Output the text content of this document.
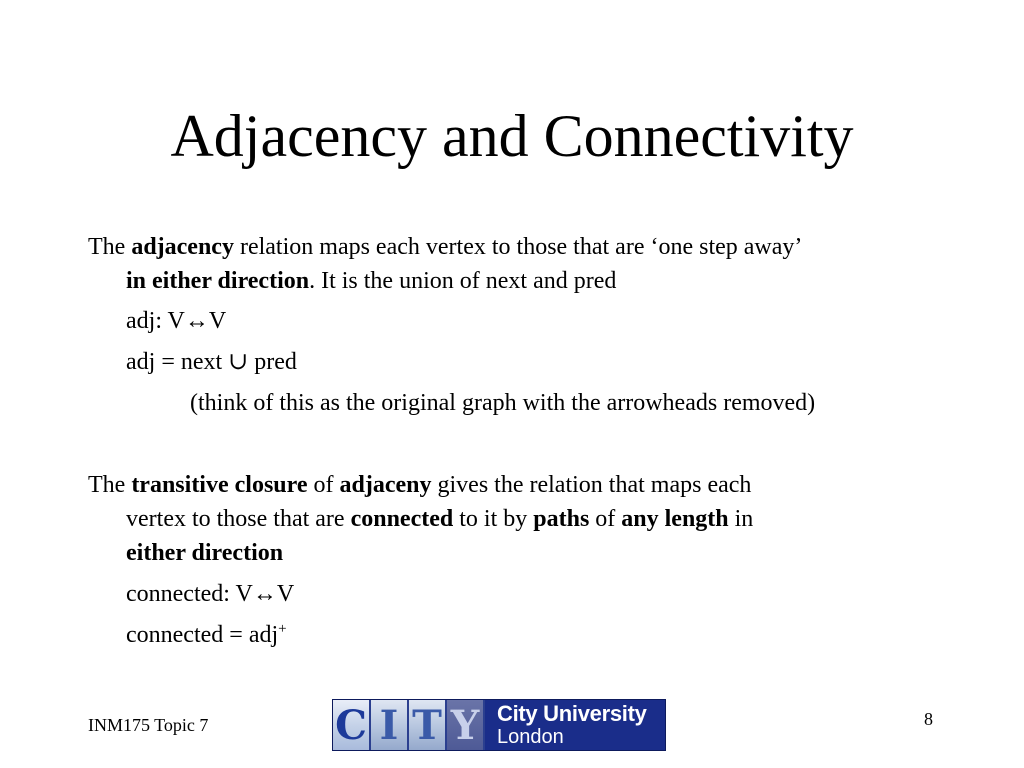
Adjacency and Connectivity
The adjacency relation maps each vertex to those that are ‘one step away’
in either direction. It is the union of next and pred
adj: V↔V
adj = next ∪ pred
(think of this as the original graph with the arrowheads removed)
The transitive closure of adjaceny gives the relation that maps each
vertex to those that are connected to it by paths of any length in
either direction
connected: V↔V
connected = adj+
INM175 Topic 7	C I T Y City University
London
8
